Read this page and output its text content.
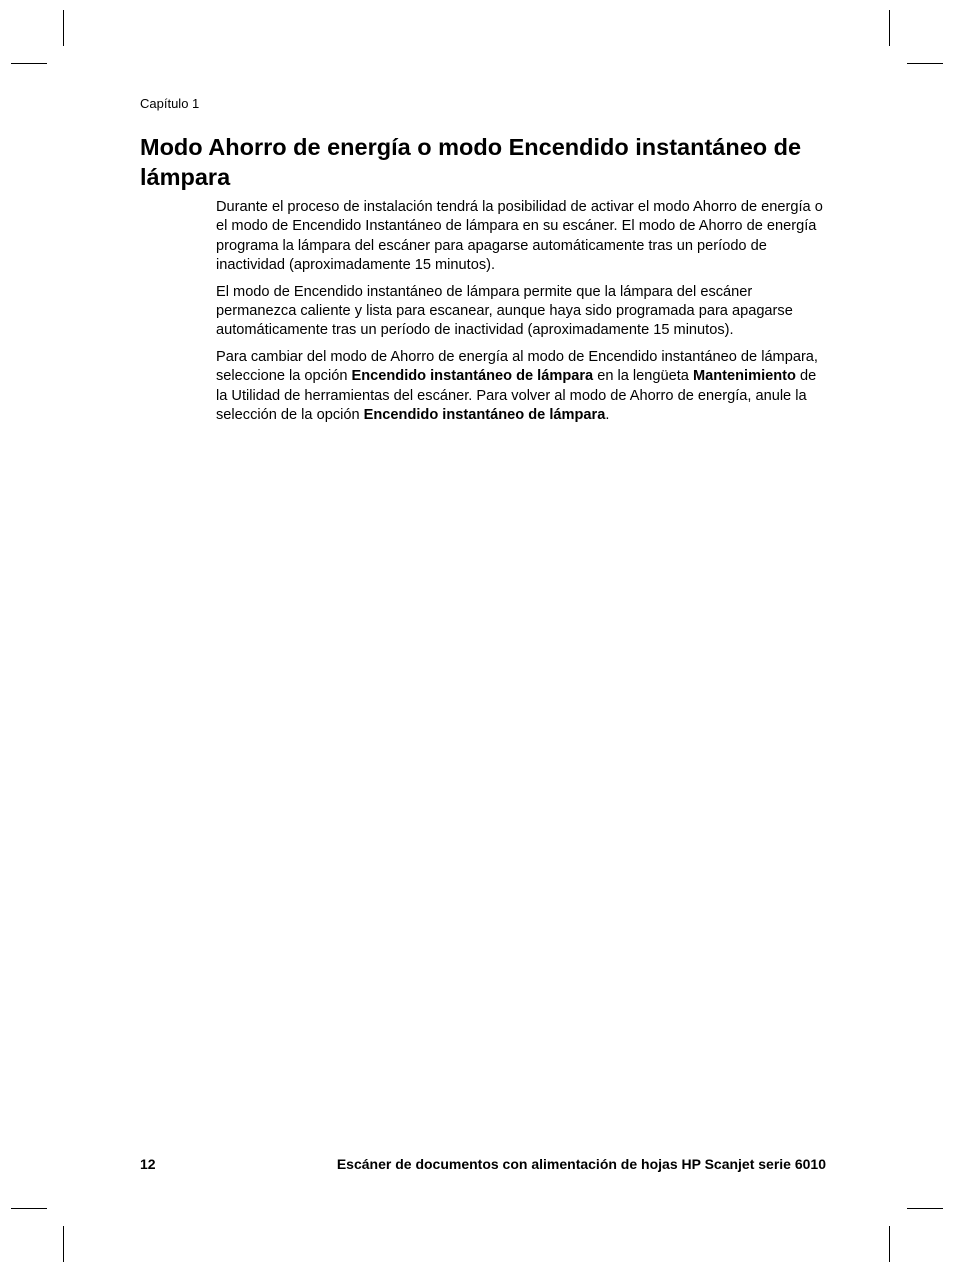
Capítulo 1
Modo Ahorro de energía o modo Encendido instantáneo de lámpara

Durante el proceso de instalación tendrá la posibilidad de activar el modo Ahorro de energía o el modo de Encendido Instantáneo de lámpara en su escáner. El modo de Ahorro de energía programa la lámpara del escáner para apagarse automáticamente tras un período de inactividad (aproximadamente 15 minutos).

El modo de Encendido instantáneo de lámpara permite que la lámpara del escáner permanezca caliente y lista para escanear, aunque haya sido programada para apagarse automáticamente tras un período de inactividad (aproximadamente 15 minutos).

Para cambiar del modo de Ahorro de energía al modo de Encendido instantáneo de lámpara, seleccione la opción Encendido instantáneo de lámpara en la lengüeta Mantenimiento de la Utilidad de herramientas del escáner. Para volver al modo de Ahorro de energía, anule la selección de la opción Encendido instantáneo de lámpara.

12	Escáner de documentos con alimentación de hojas HP Scanjet serie 6010
